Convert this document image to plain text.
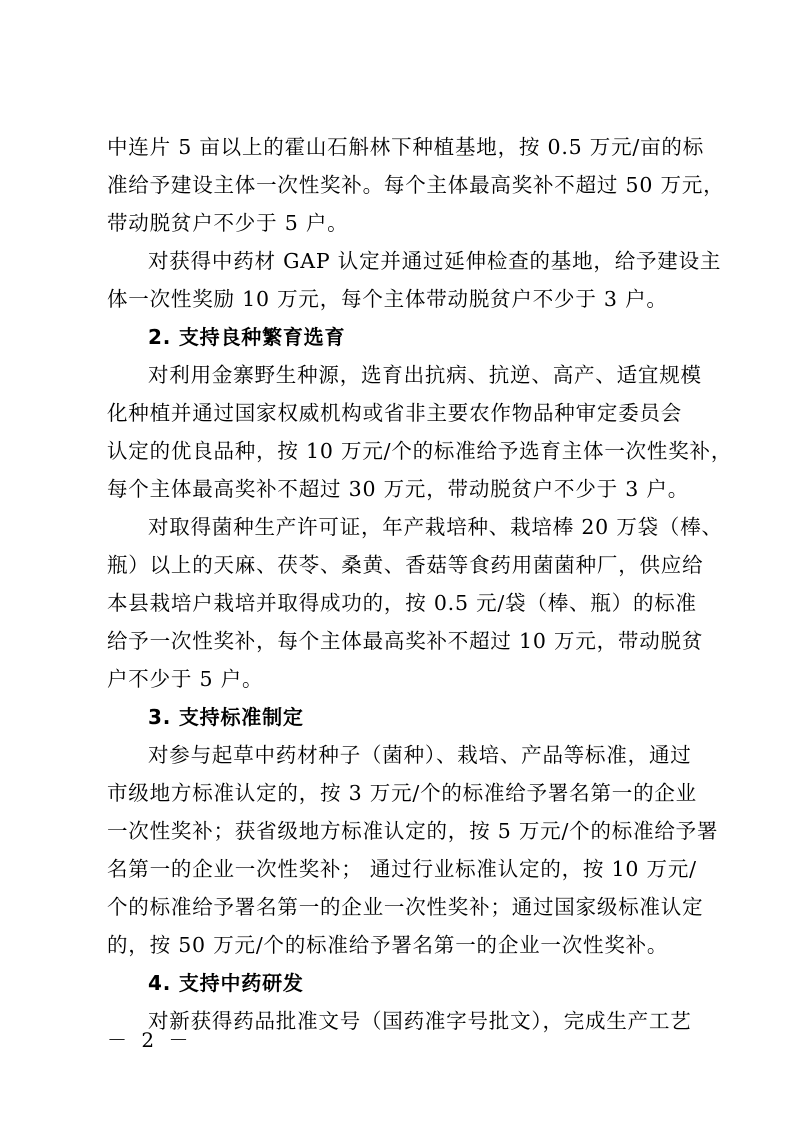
中连片 5 亩以上的霍山石斛林下种植基地，按 0.5 万元/亩的标
准给予建设主体一次性奖补。每个主体最高奖补不超过 50 万元，
带动脱贫户不少于 5 户。

对获得中药材 GAP 认定并通过延伸检查的基地，给予建设主
体一次性奖励 10 万元，每个主体带动脱贫户不少于 3 户。

2. 支持良种繁育选育

对利用金寨野生种源，选育出抗病、抗逆、高产、适宜规模
化种植并通过国家权威机构或省非主要农作物品种审定委员会
认定的优良品种，按 10 万元/个的标准给予选育主体一次性奖补，
每个主体最高奖补不超过 30 万元，带动脱贫户不少于 3 户。

对取得菌种生产许可证，年产栽培种、栽培棒 20 万袋（棒、
瓶）以上的天麻、茯苓、桑黄、香菇等食药用菌菌种厂，供应给
本县栽培户栽培并取得成功的，按 0.5 元/袋（棒、瓶）的标准
给予一次性奖补，每个主体最高奖补不超过 10 万元，带动脱贫
户不少于 5 户。

3. 支持标准制定

对参与起草中药材种子（菌种）、栽培、产品等标准，通过
市级地方标准认定的，按 3 万元/个的标准给予署名第一的企业
一次性奖补；获省级地方标准认定的，按 5 万元/个的标准给予署
名第一的企业一次性奖补； 通过行业标准认定的，按 10 万元/
个的标准给予署名第一的企业一次性奖补；通过国家级标准认定
的，按 50 万元/个的标准给予署名第一的企业一次性奖补。

4. 支持中药研发

对新获得药品批准文号（国药准字号批文），完成生产工艺

－ 2 －
